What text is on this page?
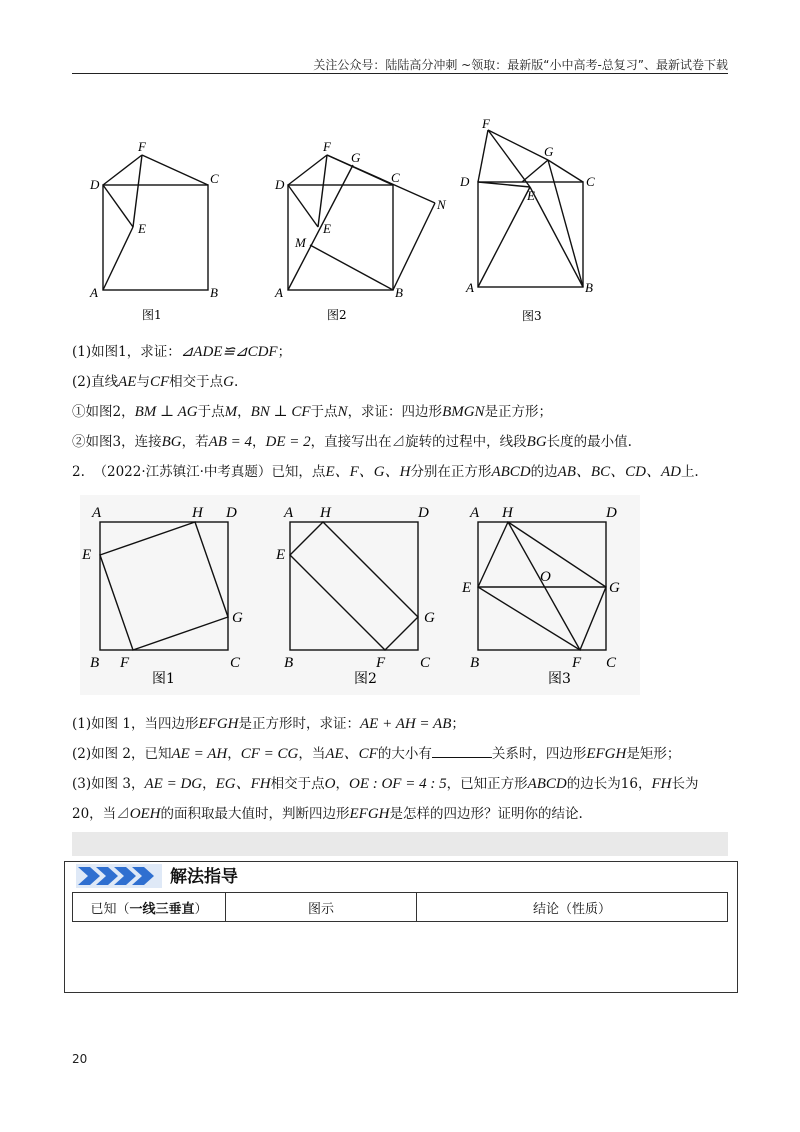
关注公众号：陆陆高分冲刺 ~领取：最新版“小中高考-总复习”、最新试卷下载
D	C
F
E
A	B
图1
D	C
F
G
N
E
M
A	B
图2
F
G
D	C
E
A	B
图3
(1)如图1，求证：⊿ADE≌⊿CDF；
(2)直线AE与CF相交于点G.
①如图2，BM ⊥ AG于点M，BN ⊥ CF于点N，求证：四边形BMGN是正方形；
②如图3，连接BG，若AB = 4，DE = 2，直接写出在⊿旋转的过程中，线段BG长度的最小值.
2. （2022·江苏镇江·中考真题）已知，点E、F、G、H分别在正方形ABCD的边AB、BC、CD、AD上.
A	H D
E
G
B F	C
图1
A H	D
E
G
B	F C
图2
A H	D
E
O
G
B	F C
图3
(1)如图 1，当四边形EFGH是正方形时，求证：AE + AH = AB；
(2)如图 2，已知AE = AH，CF = CG，当AE、CF的大小有	关系时，四边形EFGH是矩形；
(3)如图 3，AE = DG，EG、FH相交于点O，OE : OF = 4 : 5，已知正方形ABCD的边长为16，FH长为
20，当⊿OEH的面积取最大值时，判断四边形EFGH是怎样的四边形？证明你的结论.
解法指导
已知（一线三垂直）	图示	结论（性质）
20
